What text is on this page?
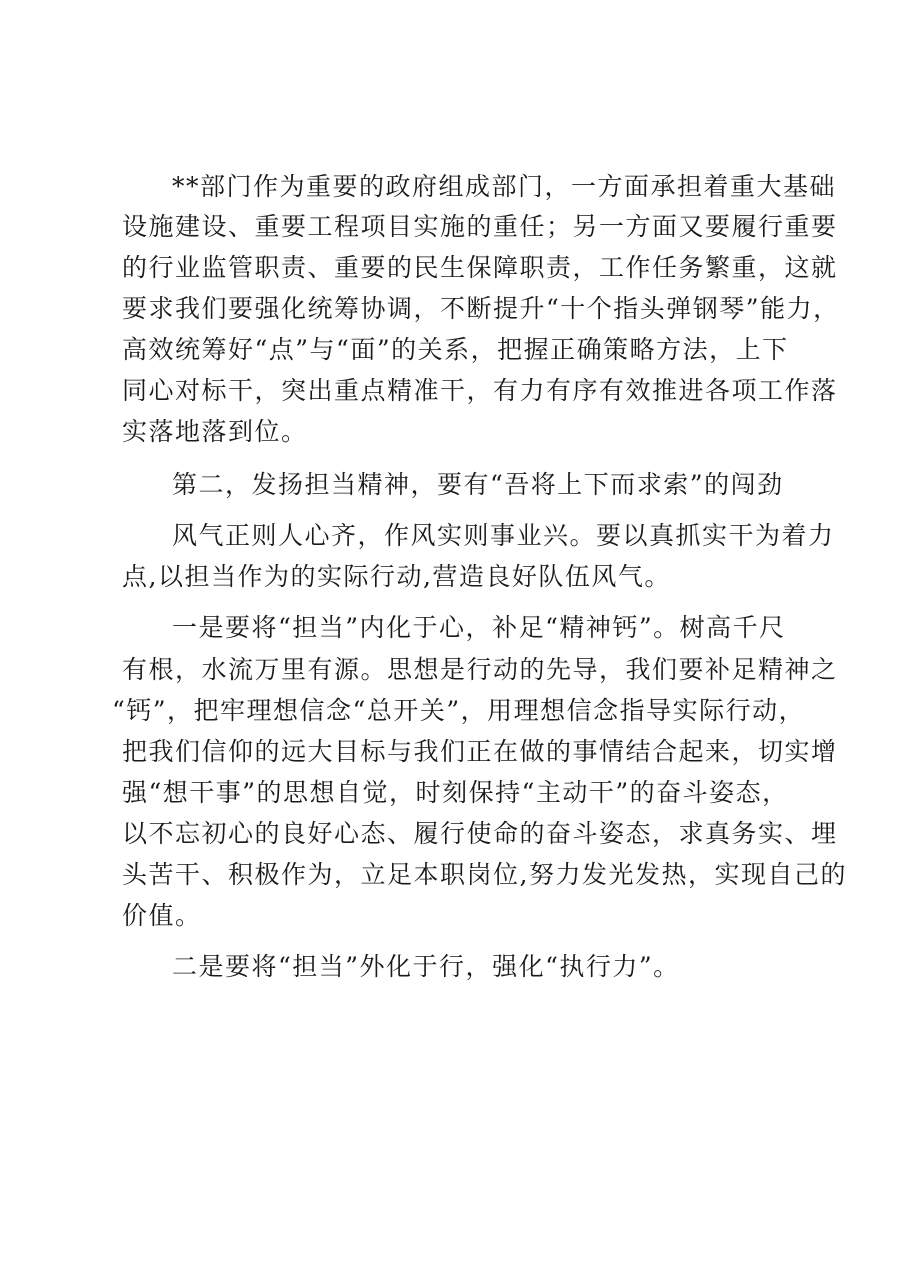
**部门作为重要的政府组成部门，一方面承担着重大基础
设施建设、重要工程项目实施的重任；另一方面又要履行重要
的行业监管职责、重要的民生保障职责，工作任务繁重，这就
要求我们要强化统筹协调，不断提升“十个指头弹钢琴”能力，
高效统筹好“点”与“面”的关系，把握正确策略方法，上下
同心对标干，突出重点精准干，有力有序有效推进各项工作落
实落地落到位。
第二，发扬担当精神，要有“吾将上下而求索”的闯劲
风气正则人心齐，作风实则事业兴。要以真抓实干为着力
点,以担当作为的实际行动,营造良好队伍风气。
一是要将“担当”内化于心，补足“精神钙”。树高千尺
有根，水流万里有源。思想是行动的先导，我们要补足精神之
“钙”，把牢理想信念“总开关”，用理想信念指导实际行动，
把我们信仰的远大目标与我们正在做的事情结合起来，切实增
强“想干事”的思想自觉，时刻保持“主动干”的奋斗姿态，
以不忘初心的良好心态、履行使命的奋斗姿态，求真务实、埋
头苦干、积极作为，立足本职岗位,努力发光发热，实现自己的
价值。
二是要将“担当”外化于行，强化“执行力”。
